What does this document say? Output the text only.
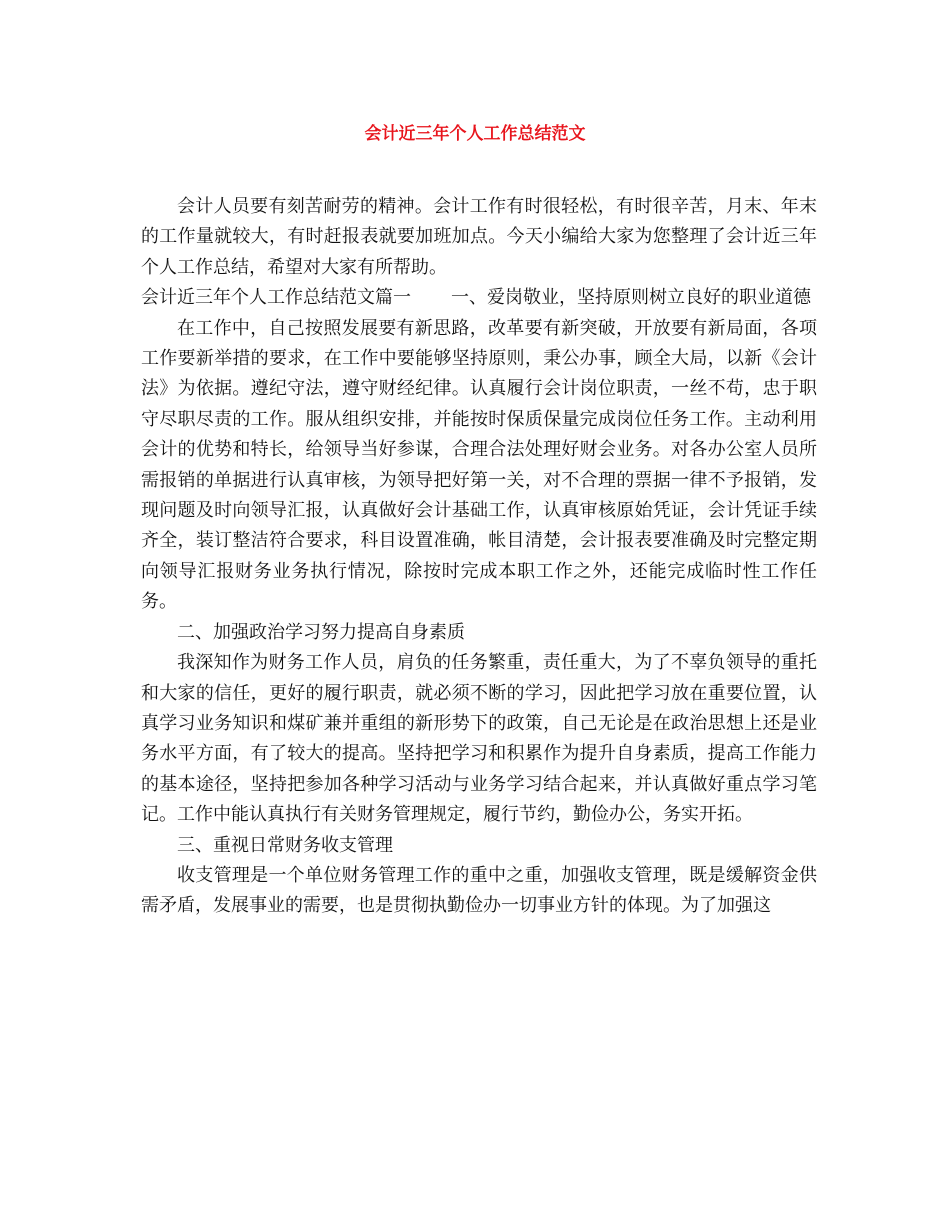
会计近三年个人工作总结范文

会计人员要有刻苦耐劳的精神。会计工作有时很轻松，有时很辛苦，月末、年末的工作量就较大，有时赶报表就要加班加点。今天小编给大家为您整理了会计近三年个人工作总结，希望对大家有所帮助。

会计近三年个人工作总结范文篇一 一、爱岗敬业，坚持原则树立良好的职业道德

在工作中，自己按照发展要有新思路，改革要有新突破，开放要有新局面，各项工作要新举措的要求，在工作中要能够坚持原则，秉公办事，顾全大局，以新《会计法》为依据。遵纪守法，遵守财经纪律。认真履行会计岗位职责，一丝不苟，忠于职守尽职尽责的工作。服从组织安排，并能按时保质保量完成岗位任务工作。主动利用会计的优势和特长，给领导当好参谋，合理合法处理好财会业务。对各办公室人员所需报销的单据进行认真审核，为领导把好第一关，对不合理的票据一律不予报销，发现问题及时向领导汇报，认真做好会计基础工作，认真审核原始凭证，会计凭证手续齐全，装订整洁符合要求，科目设置准确，帐目清楚，会计报表要准确及时完整定期向领导汇报财务业务执行情况，除按时完成本职工作之外，还能完成临时性工作任务。

二、加强政治学习努力提高自身素质

我深知作为财务工作人员，肩负的任务繁重，责任重大，为了不辜负领导的重托和大家的信任，更好的履行职责，就必须不断的学习，因此把学习放在重要位置，认真学习业务知识和煤矿兼并重组的新形势下的政策，自己无论是在政治思想上还是业务水平方面，有了较大的提高。坚持把学习和积累作为提升自身素质，提高工作能力的基本途径，坚持把参加各种学习活动与业务学习结合起来，并认真做好重点学习笔记。工作中能认真执行有关财务管理规定，履行节约，勤俭办公，务实开拓。

三、重视日常财务收支管理

收支管理是一个单位财务管理工作的重中之重，加强收支管理，既是缓解资金供需矛盾，发展事业的需要，也是贯彻执勤俭办一切事业方针的体现。为了加强这
